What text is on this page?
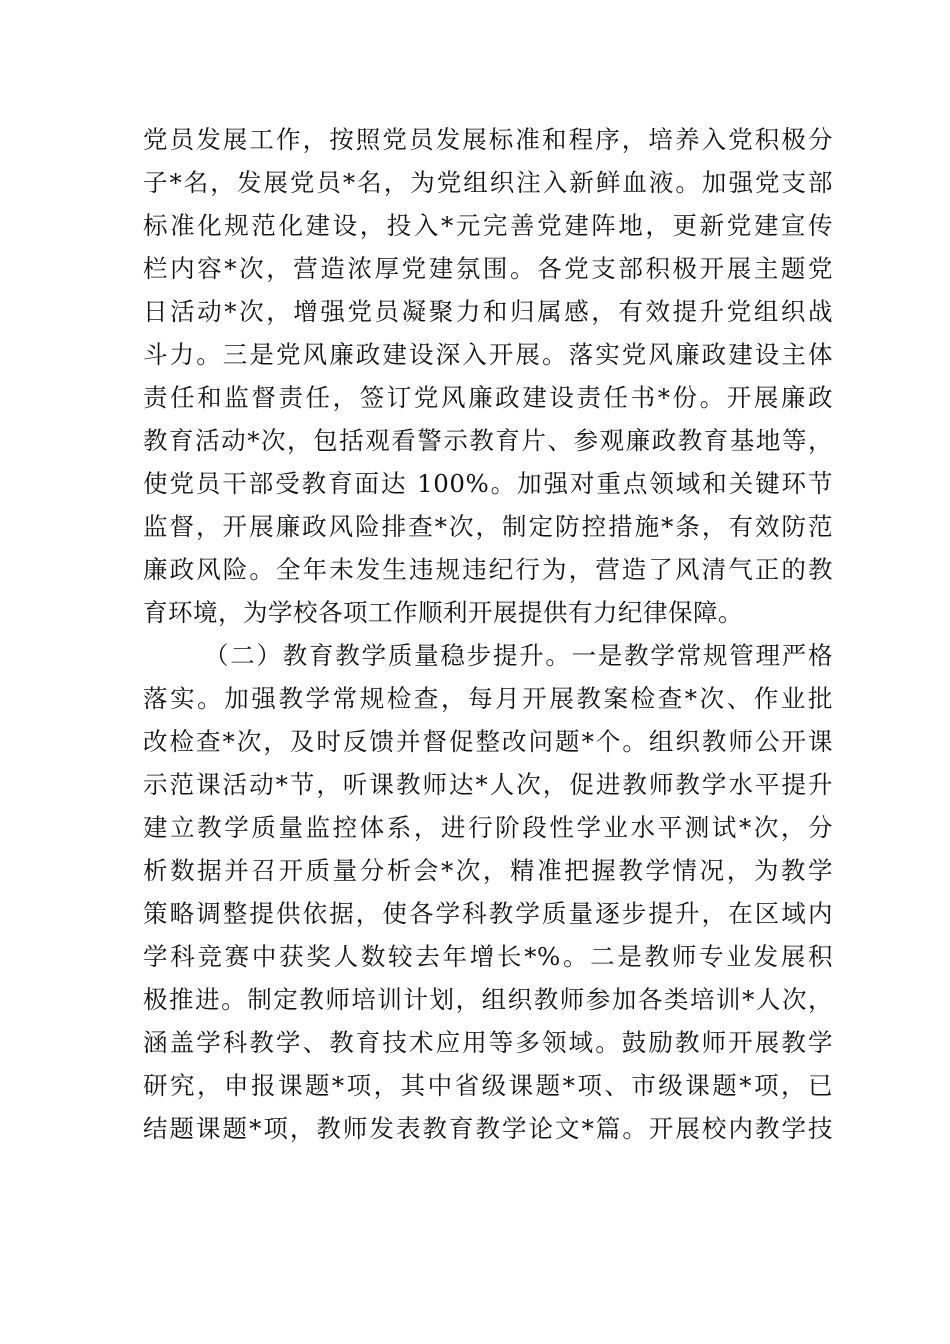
党员发展工作，按照党员发展标准和程序，培养入党积极分
子*名，发展党员*名，为党组织注入新鲜血液。加强党支部
标准化规范化建设，投入*元完善党建阵地，更新党建宣传
栏内容*次，营造浓厚党建氛围。各党支部积极开展主题党
日活动*次，增强党员凝聚力和归属感，有效提升党组织战
斗力。三是党风廉政建设深入开展。落实党风廉政建设主体
责任和监督责任，签订党风廉政建设责任书*份。开展廉政
教育活动*次，包括观看警示教育片、参观廉政教育基地等，
使党员干部受教育面达 100%。加强对重点领域和关键环节
监督，开展廉政风险排查*次，制定防控措施*条，有效防范
廉政风险。全年未发生违规违纪行为，营造了风清气正的教
育环境，为学校各项工作顺利开展提供有力纪律保障。
（二）教育教学质量稳步提升。一是教学常规管理严格
落实。加强教学常规检查，每月开展教案检查*次、作业批
改检查*次，及时反馈并督促整改问题*个。组织教师公开课
示范课活动*节，听课教师达*人次，促进教师教学水平提升
建立教学质量监控体系，进行阶段性学业水平测试*次，分
析数据并召开质量分析会*次，精准把握教学情况，为教学
策略调整提供依据，使各学科教学质量逐步提升，在区域内
学科竞赛中获奖人数较去年增长*%。二是教师专业发展积
极推进。制定教师培训计划，组织教师参加各类培训*人次，
涵盖学科教学、教育技术应用等多领域。鼓励教师开展教学
研究，申报课题*项，其中省级课题*项、市级课题*项，已
结题课题*项，教师发表教育教学论文*篇。开展校内教学技
